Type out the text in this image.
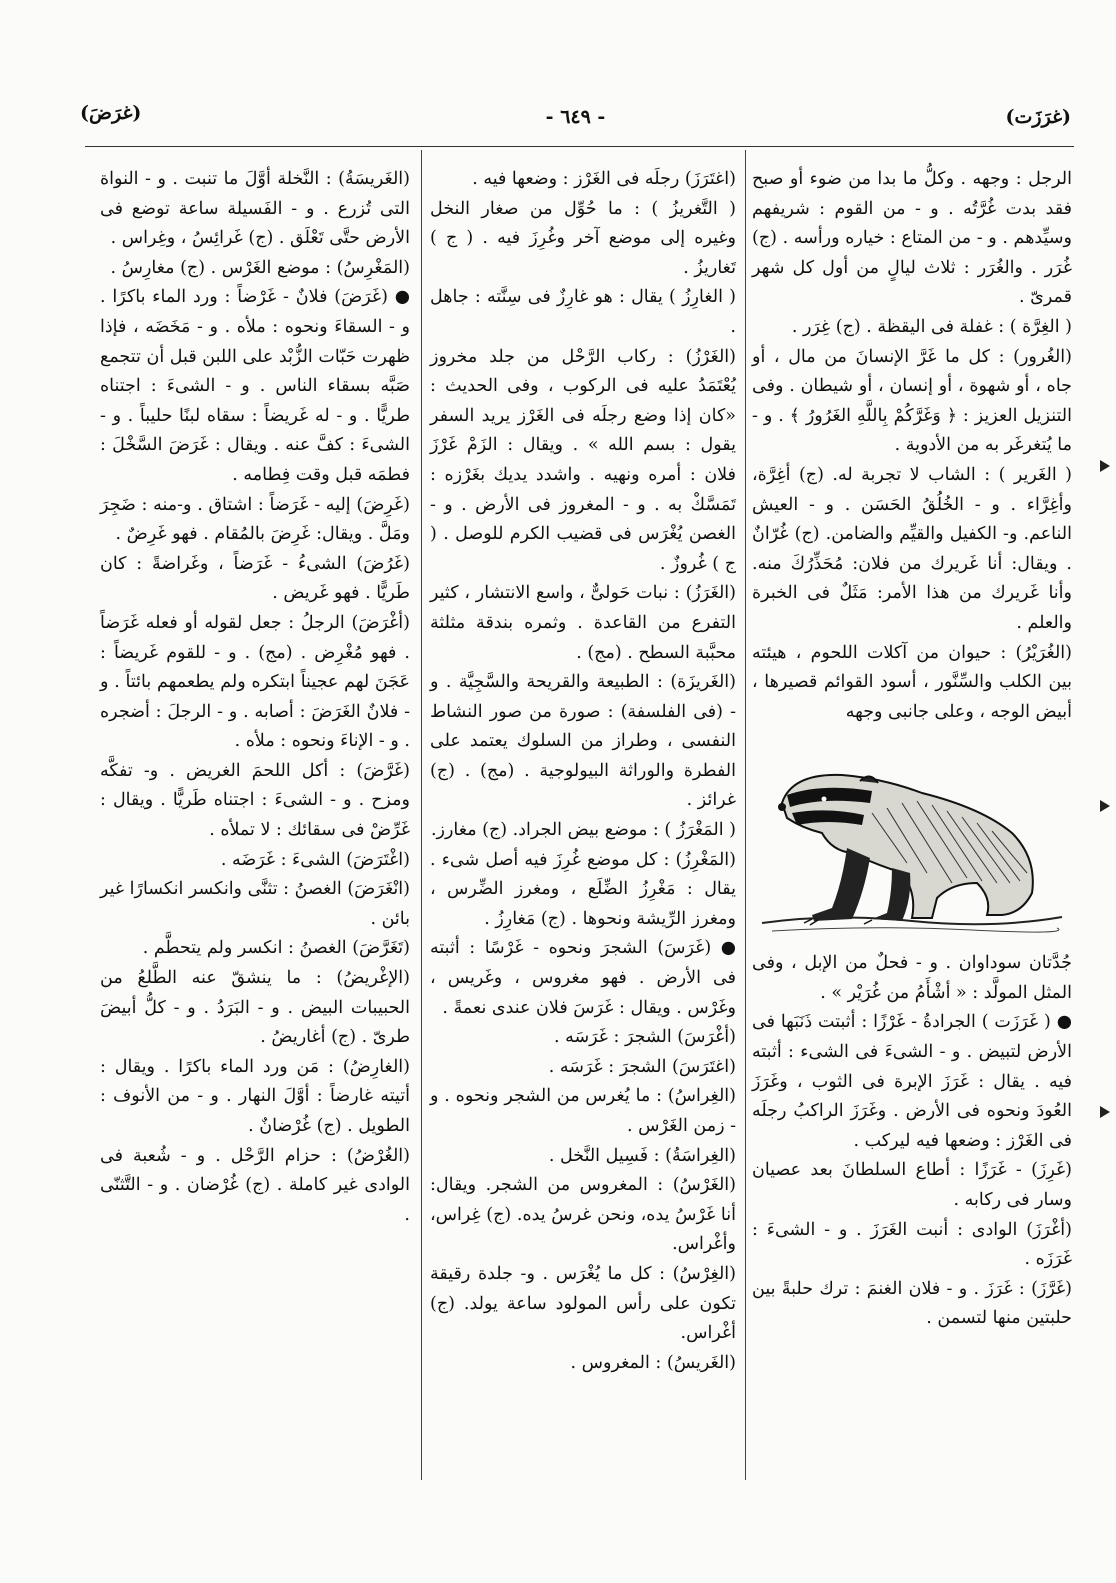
(غرَزَت)
- ٦٤٩ -
(غرَضَ)

الرجل : وجهه . وكلُّ ما بدا من ضوء أو صبح فقد بدت غُرَّتُه . و - من القوم : شريفهم وسيِّدهم . و - من المتاع : خياره ورأسه . (ج) غُرَر . والغُرَر : ثلاث ليالٍ من أول كل شهر قمرىّ .

( الغِرَّة ) : غفلة فى اليقظة . (ج) غِرَر .

(الغُرور) : كل ما غَرَّ الإنسانَ من مال ، أو جاه ، أو شهوة ، أو إنسان ، أو شيطان . وفى التنزيل العزيز : ﴿ وَغَرَّكُمْ بِاللَّهِ الغَرُورُ ﴾ . و - ما يُتغرغَر به من الأدوية .

( الغَرير ) : الشاب لا تجربة له. (ج) أغِرَّة، وأغِرَّاء . و - الخُلُقُ الحَسَن . و - العيش الناعم. و- الكفيل والقيِّم والضامن. (ج) غُرّانٌ . ويقال: أنا غَريرك من فلان: مُحَذِّرُكَ منه. وأنا غَريرك من هذا الأمر: مَثَلٌ فى الخبرة والعلم .

(الغُرَيْرُ) : حيوان من آكلات اللحوم ، هيئته بين الكلب والسِّنَّور ، أسود القوائم قصيرها ، أبيض الوجه ، وعلى جانبى وجهه

جُدَّتان سوداوان . و - فحلٌ من الإبل ، وفى المثل المولَّد : « أشْأَمُ من غُرَيْر » .

● ( غَرَزَت ) الجرادةُ - غَرْزًا : أثبتت ذَنَبَها فى الأرض لتبيض . و - الشىءَ فى الشىء : أثبته فيه . يقال : غَرَزَ الإبرة فى الثوب ، وغَرَزَ العُودَ ونحوه فى الأرض . وغَرَزَ الراكبُ رجلَه فى الغَرْز : وضعها فيه ليركب .

(غَرِزَ) - غَرَزًا : أطاع السلطانَ بعد عصيان وسار فى ركابه .

(أغْرَزَ) الوادى : أنبت الغَرَزَ . و - الشىءَ : غَرَزَه .

(غَرَّزَ) : غَرَزَ . و - فلان الغنمَ : ترك حلبةً بين حلبتين منها لتسمن .

(اغتَرَزَ) رجلَه فى الغَرْز : وضعها فيه .

( التَّغريزُ ) : ما حُوِّل من صغار النخل وغيره إلى موضع آخر وغُرِزَ فيه . ( ج ) تَغاريزُ .

( الغارِزُ ) يقال : هو غارِزٌ فى سِنَّته : جاهل .

(الغَرْزُ) : ركاب الرَّحْل من جلد مخروز يُعْتَمَدُ عليه فى الركوب ، وفى الحديث : «كان إذا وضع رجلَه فى الغَرْز يريد السفر يقول : بسم الله » . ويقال : الزَمْ غَرْزَ فلان : أمره ونهيه . واشدد يديك بغَرْزه : تَمَسَّكْ به . و - المغروز فى الأرض . و - الغصن يُغْرَس فى قضيب الكرم للوصل . ( ج ) غُروزٌ .

(الغَرَزُ) : نبات حَولىٌّ ، واسع الانتشار ، كثير التفرع من القاعدة . وثمره بندقة مثلثة محبَّبة السطح . (مج) .

(الغَريزَة) : الطبيعة والقريحة والسَّجِيَّة . و - (فى الفلسفة) : صورة من صور النشاط النفسى ، وطراز من السلوك يعتمد على الفطرة والوراثة البيولوجية . (مج) . (ج) غرائز .

( المَغْرَزُ ) : موضع بيض الجراد. (ج) مغارز.

(المَغْرِزُ) : كل موضع غُرِزَ فيه أصل شىء . يقال : مَغْرِزُ الضِّلَع ، ومغرز الضِّرس ، ومغرز الرِّيشة ونحوها . (ج) مَغارِزُ .

● (غَرَسَ) الشجرَ ونحوه - غَرْسًا : أثبته فى الأرض . فهو مغروس ، وغَريس ، وغَرْس . ويقال : غَرَسَ فلان عندى نعمةً .

(أغْرَسَ) الشجرَ : غَرَسَه .

(اغتَرَسَ) الشجرَ : غَرَسَه .

(الغِراسُ) : ما يُغرس من الشجر ونحوه . و - زمن الغَرْس .

(الغِراسَةُ) : فَسِيل النَّخل .

(الغَرْسُ) : المغروس من الشجر. ويقال: أنا غَرْسُ يده، ونحن غرسُ يده. (ج) غِراس، وأغْراس.

(الغِرْسُ) : كل ما يُغْرَس . و- جلدة رقيقة تكون على رأس المولود ساعة يولد. (ج) أغْراس.

(الغَريسُ) : المغروس .

(الغَريسَةُ) : النَّخلة أوَّلَ ما تنبت . و - النواة التى تُزرع . و - الفَسيلة ساعة توضع فى الأرض حتَّى تَعْلَق . (ج) غَرائِسُ ، وغِراس .

(المَغْرِسُ) : موضع الغَرْس . (ج) مغارِسُ .

● (غَرَضَ) فلانٌ - غَرْضاً : ورد الماء باكرًا . و - السقاءَ ونحوه : ملأه . و - مَخَضَه ، فإذا ظهرت حَبّات الزُّبْد على اللبن قبل أن تتجمع صَبَّه بسقاء الناس . و - الشىءَ : اجتناه طريًّا . و - له غَريضاً : سقاه لبنًا حليباً . و - الشىءَ : كفَّ عنه . ويقال : غَرَضَ السَّخْلَ : فطمَه قبل وقت فِطامه .

(غَرِضَ) إليه - غَرَضاً : اشتاق . و-منه : ضَجِرَ ومَلَّ . ويقال: غَرِضَ بالمُقام . فهو غَرِضٌ .

(غَرُضَ) الشىءُ - غَرَضاً ، وغَراضةً : كان طَريًّا . فهو غَريض .

(أغْرَضَ) الرجلُ : جعل لقوله أو فعله غَرَضاً . فهو مُغْرِض . (مج) . و - للقوم غَريضاً : عَجَنَ لهم عجيناً ابتكره ولم يطعمهم بائتاً . و - فلانٌ الغَرَضَ : أصابه . و - الرجلَ : أضجره . و - الإناءَ ونحوه : ملأه .

(غَرَّضَ) : أكل اللحمَ الغريض . و- تفكَّه ومزح . و - الشىءَ : اجتناه طَريًّا . ويقال : غَرِّضْ فى سقائك : لا تملأه .

(اغْتَرَضَ) الشىءَ : غَرَضَه .

(انْغَرَضَ) الغصنُ : تثنَّى وانكسر انكسارًا غير بائن .

(تَغَرَّضَ) الغصنُ : انكسر ولم يتحطَّم .

(الإغْريضُ) : ما ينشقّ عنه الطَّلعُ من الحبيبات البيض . و - البَرَدُ . و - كلُّ أبيضَ طرىّ . (ج) أغاريضُ .

(الغارِضُ) : مَن ورد الماء باكرًا . ويقال : أتيته غارضاً : أوَّلَ النهار . و - من الأنوف : الطويل . (ج) غُرْضانٌ .

(الغُرْضُ) : حزام الرَّحْل . و - شُعبة فى الوادى غير كاملة . (ج) غُرْضان . و - التَّثنّى .
